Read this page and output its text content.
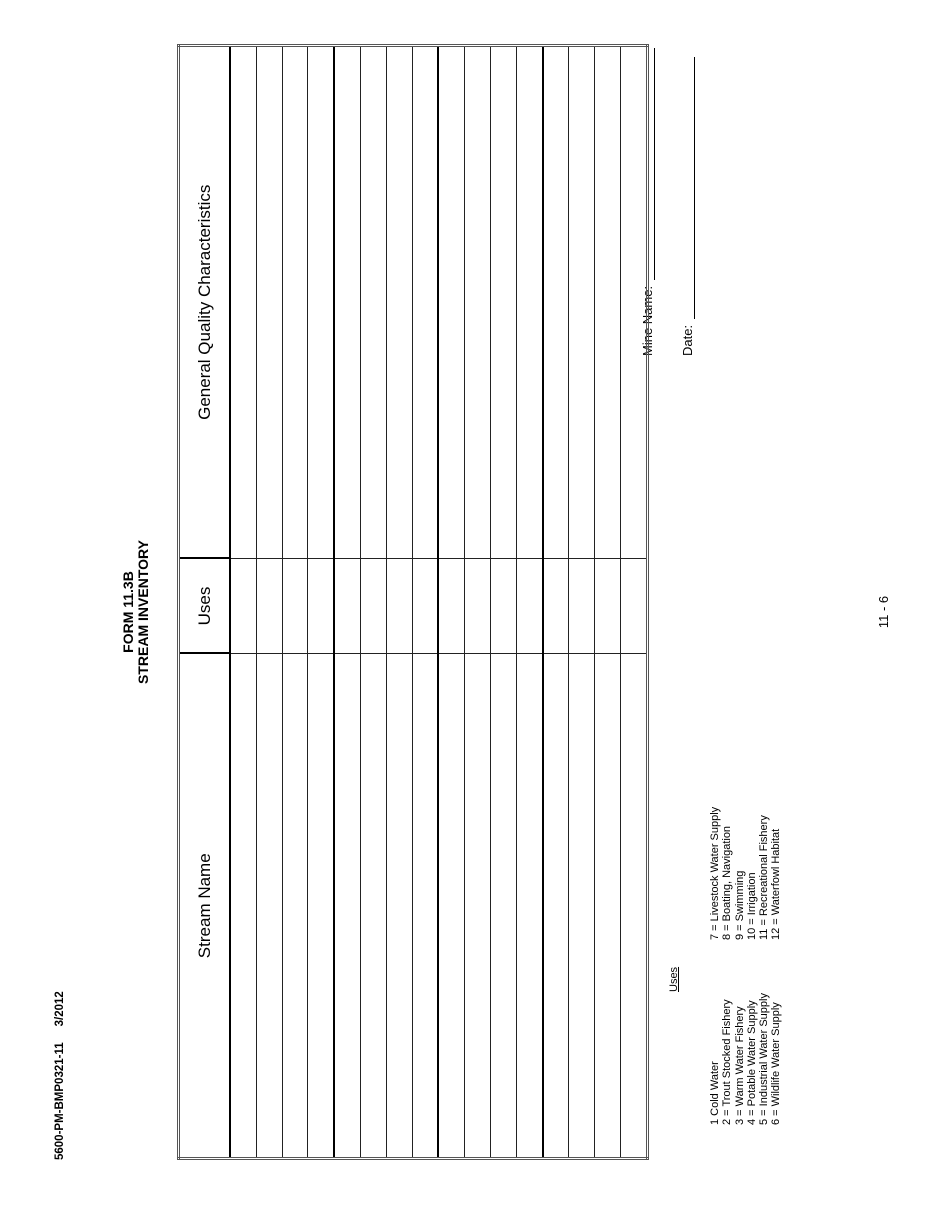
5600-PM-BMP0321-113/2012
FORM 11.3B STREAM INVENTORY
Mine Name: Date:
Stream Name	Uses	General Quality Characteristics

Uses
1 Cold Water 2 = Trout Stocked Fishery 3 = Warm Water Fishery 4 = Potable Water Supply 5 = Industrial Water Supply 6 = Wildlife Water Supply
7 = Livestock Water Supply 8 = Boating, Navigation 9 = Swimming 10 = Irrigation 11 = Recreational Fishery 12 = Waterfowl Habitat
11 - 6
